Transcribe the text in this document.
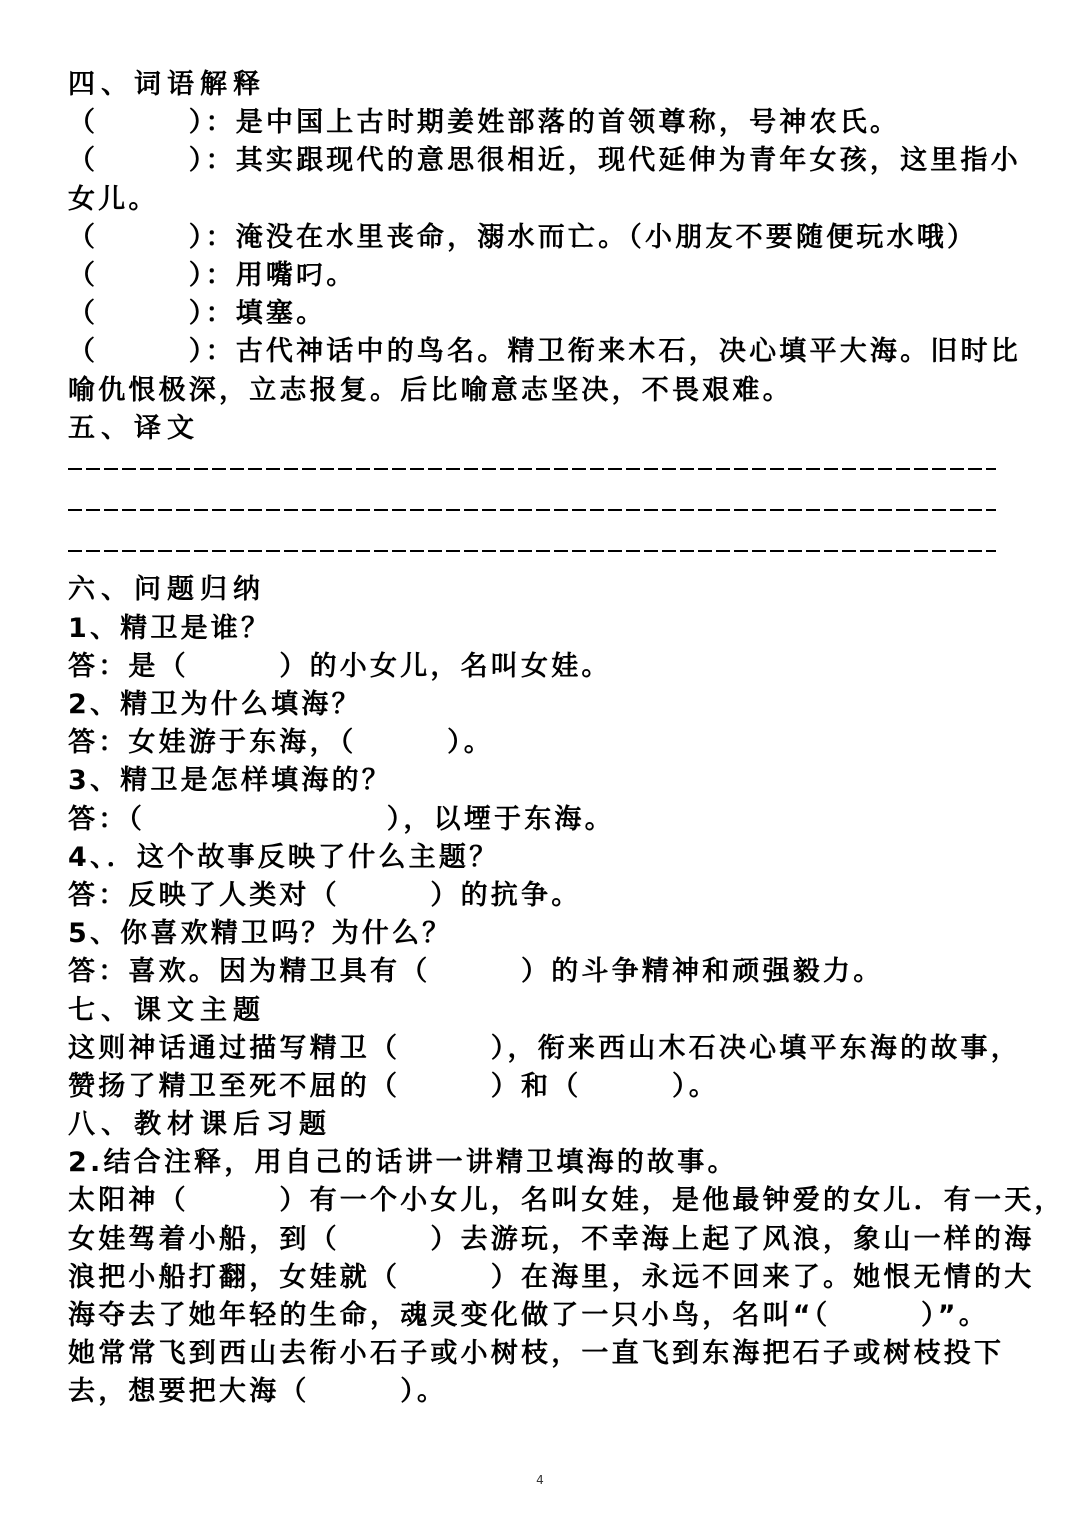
四、词语解释
（　　　）：是中国上古时期姜姓部落的首领尊称，号神农氏。
（　　　）：其实跟现代的意思很相近，现代延伸为青年女孩，这里指小
女儿。
（　　　）：淹没在水里丧命，溺水而亡。（小朋友不要随便玩水哦）
（　　　）：用嘴叼。
（　　　）：填塞。
（　　　）：古代神话中的鸟名。精卫衔来木石，决心填平大海。旧时比
喻仇恨极深，立志报复。后比喻意志坚决，不畏艰难。
五、译文
六、问题归纳
1、精卫是谁？
答：是（　　　）的小女儿，名叫女娃。
2、精卫为什么填海？
答：女娃游于东海，（　　　）。
3、精卫是怎样填海的？
答：（　　　　　　　　），以堙于东海。
4、．这个故事反映了什么主题？
答：反映了人类对（　　　）的抗争。
5、你喜欢精卫吗？为什么？
答：喜欢。因为精卫具有（　　　）的斗争精神和顽强毅力。
七、课文主题
这则神话通过描写精卫（　　　），衔来西山木石决心填平东海的故事，
赞扬了精卫至死不屈的（　　　）和（　　　）。
八、教材课后习题
2.结合注释，用自己的话讲一讲精卫填海的故事。
太阳神（　　　）有一个小女儿，名叫女娃，是他最钟爱的女儿．有一天，
女娃驾着小船，到（　　　）去游玩，不幸海上起了风浪，象山一样的海
浪把小船打翻，女娃就（　　　）在海里，永远不回来了。她恨无情的大
海夺去了她年轻的生命，魂灵变化做了一只小鸟，名叫“（　　　）”。
她常常飞到西山去衔小石子或小树枝，一直飞到东海把石子或树枝投下
去，想要把大海（　　　）。
4
